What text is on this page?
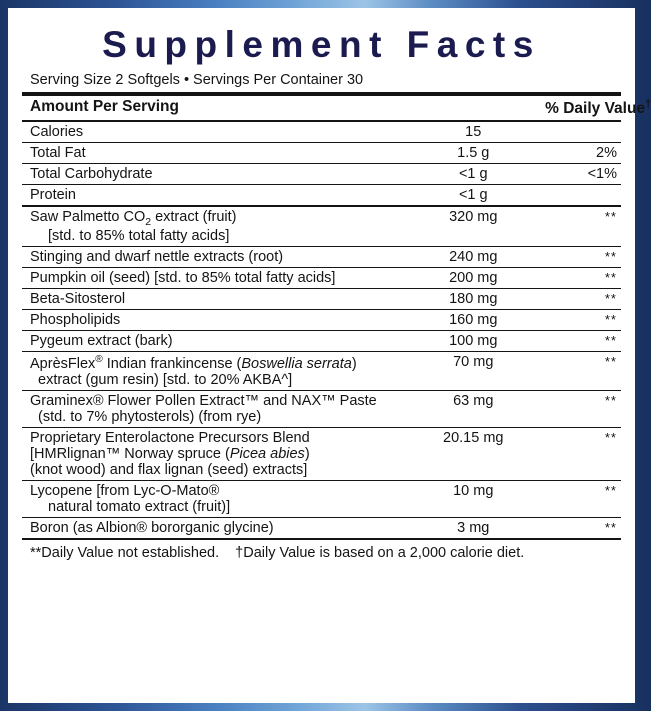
Supplement Facts
Serving Size 2 Softgels • Servings Per Container 30
Amount Per Serving		% Daily Value†
Calories	15	
Total Fat	1.5 g	2%
Total Carbohydrate	<1 g	<1%
Protein	<1 g	
Saw Palmetto $CO_2$ extract (fruit)
[std. to 85% total fatty acids]	320 mg	**
Stinging and dwarf nettle extracts (root)	240 mg	**
Pumpkin oil (seed) [std. to 85% total fatty acids]	200 mg	**
Beta-Sitosterol	180 mg	**
Phospholipids	160 mg	**
Pygeum extract (bark)	100 mg	**
AprèsFlex® Indian frankincense (Boswellia serrata)
extract (gum resin) [std. to 20% AKBA^]	70 mg	**
Graminex® Flower Pollen Extract™ and NAX™ Paste
(std. to 7% phytosterols) (from rye)	63 mg	**
Proprietary Enterolactone Precursors Blend
[HMRlignan™ Norway spruce (Picea abies)
(knot wood) and flax lignan (seed) extracts]	20.15 mg	**
Lycopene [from Lyc-O-Mato®
natural tomato extract (fruit)]	10 mg	**
Boron (as Albion® bororganic glycine)	3 mg	**

**Daily Value not established. †Daily Value is based on a 2,000 calorie diet.
